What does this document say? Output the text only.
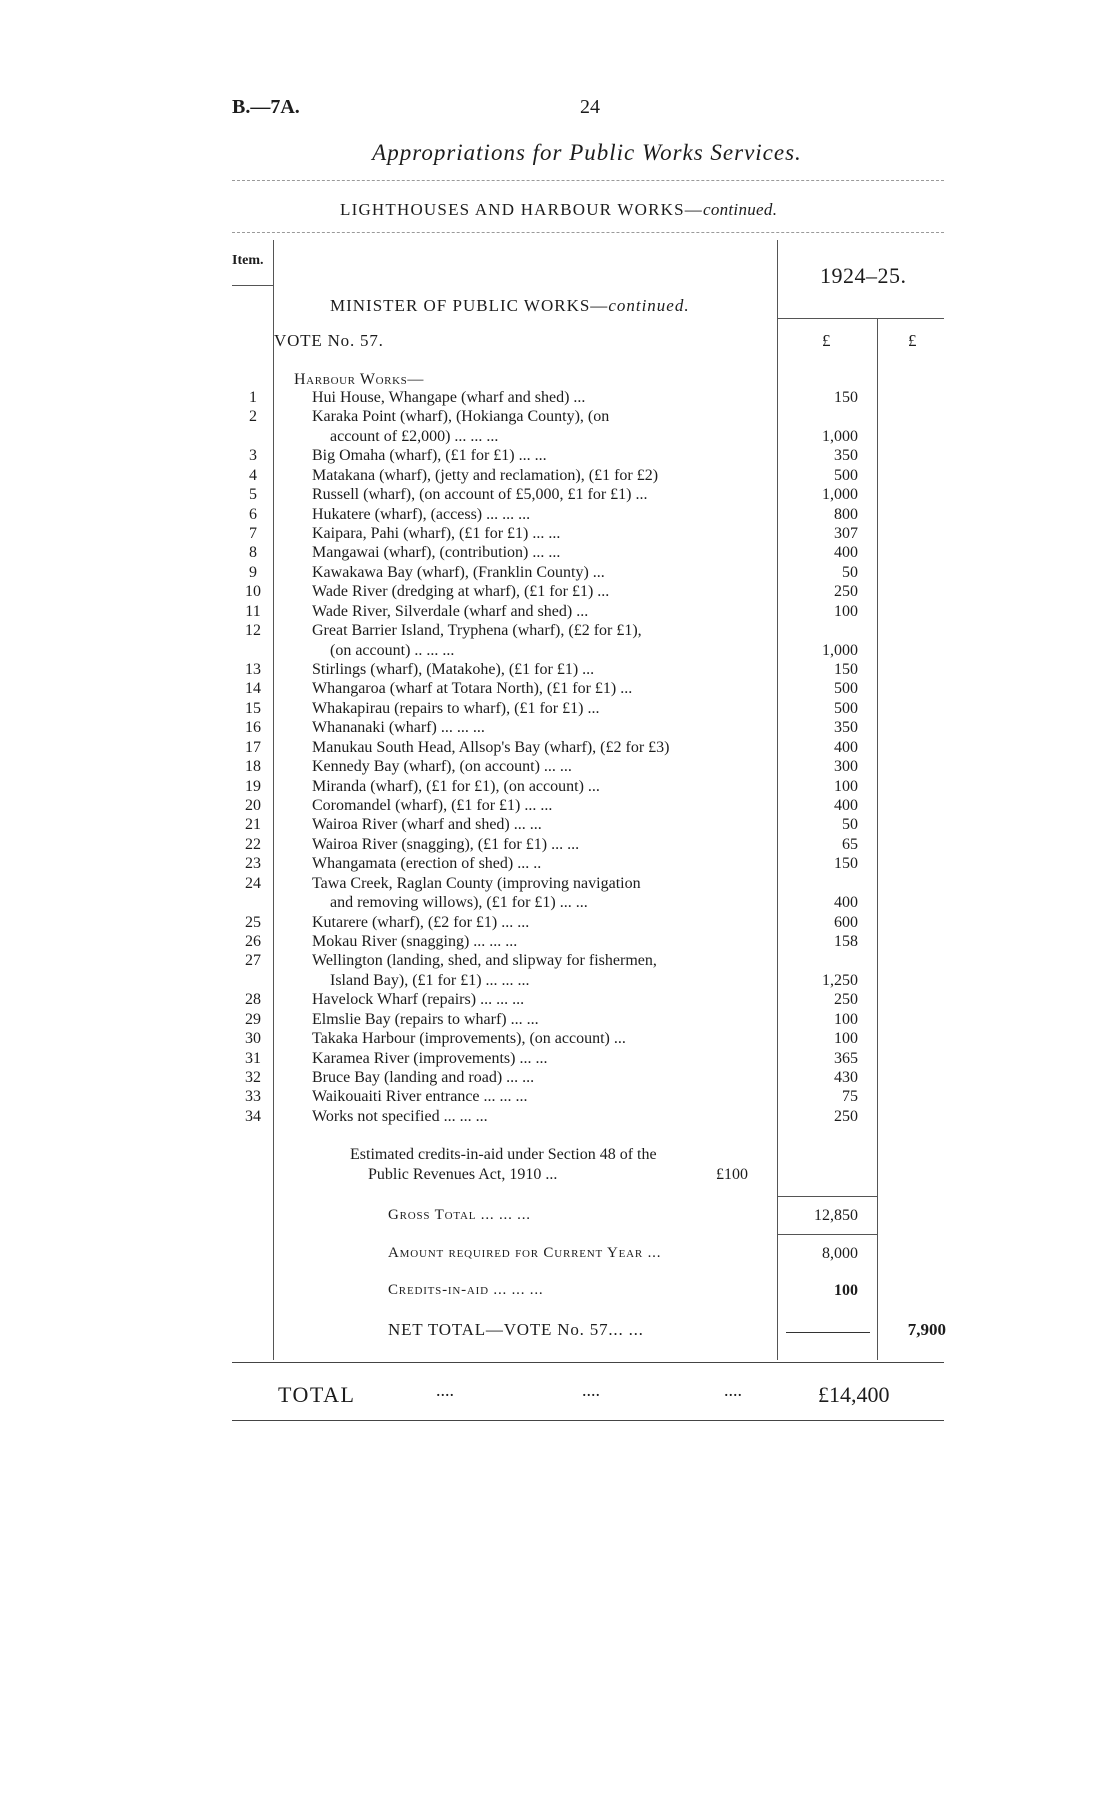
B.—7A.	24
Appropriations for Public Works Services.
LIGHTHOUSES AND HARBOUR WORKS—continued.
Item.
1924–25.
MINISTER OF PUBLIC WORKS—continued.
VOTE No. 57.	£	£
Harbour Works—
1	Hui House, Whangape (wharf and shed) ...	150
2	Karaka Point (wharf), (Hokianga County), (on
account of £2,000) ... ... ...	1,000
3	Big Omaha (wharf), (£1 for £1) ... ...	350
4	Matakana (wharf), (jetty and reclamation), (£1 for £2)	500
5	Russell (wharf), (on account of £5,000, £1 for £1) ...	1,000
6	Hukatere (wharf), (access) ... ... ...	800
7	Kaipara, Pahi (wharf), (£1 for £1) ... ...	307
8	Mangawai (wharf), (contribution) ... ...	400
9	Kawakawa Bay (wharf), (Franklin County) ...	50
10	Wade River (dredging at wharf), (£1 for £1) ...	250
11	Wade River, Silverdale (wharf and shed) ...	100
12	Great Barrier Island, Tryphena (wharf), (£2 for £1),
(on account) .. ... ...	1,000
13	Stirlings (wharf), (Matakohe), (£1 for £1) ...	150
14	Whangaroa (wharf at Totara North), (£1 for £1) ...	500
15	Whakapirau (repairs to wharf), (£1 for £1) ...	500
16	Whananaki (wharf) ... ... ...	350
17	Manukau South Head, Allsop's Bay (wharf), (£2 for £3)	400
18	Kennedy Bay (wharf), (on account) ... ...	300
19	Miranda (wharf), (£1 for £1), (on account) ...	100
20	Coromandel (wharf), (£1 for £1) ... ...	400
21	Wairoa River (wharf and shed) ... ...	50
22	Wairoa River (snagging), (£1 for £1) ... ...	65
23	Whangamata (erection of shed) ... ..	150
24	Tawa Creek, Raglan County (improving navigation
and removing willows), (£1 for £1) ... ...	400
25	Kutarere (wharf), (£2 for £1) ... ...	600
26	Mokau River (snagging) ... ... ...	158
27	Wellington (landing, shed, and slipway for fishermen,
Island Bay), (£1 for £1) ... ... ...	1,250
28	Havelock Wharf (repairs) ... ... ...	250
29	Elmslie Bay (repairs to wharf) ... ...	100
30	Takaka Harbour (improvements), (on account) ...	100
31	Karamea River (improvements) ... ...	365
32	Bruce Bay (landing and road) ... ...	430
33	Waikouaiti River entrance ... ... ...	75
34	Works not specified ... ... ...	250
Estimated credits-in-aid under Section 48 of the
Public Revenues Act, 1910 ...	£100
Gross Total ... ... ...	12,850
Amount required for Current Year ...	8,000
Credits-in-aid ... ... ...	100
NET TOTAL—VOTE No. 57... ...	7,900
TOTAL	....	....	....	£14,400
